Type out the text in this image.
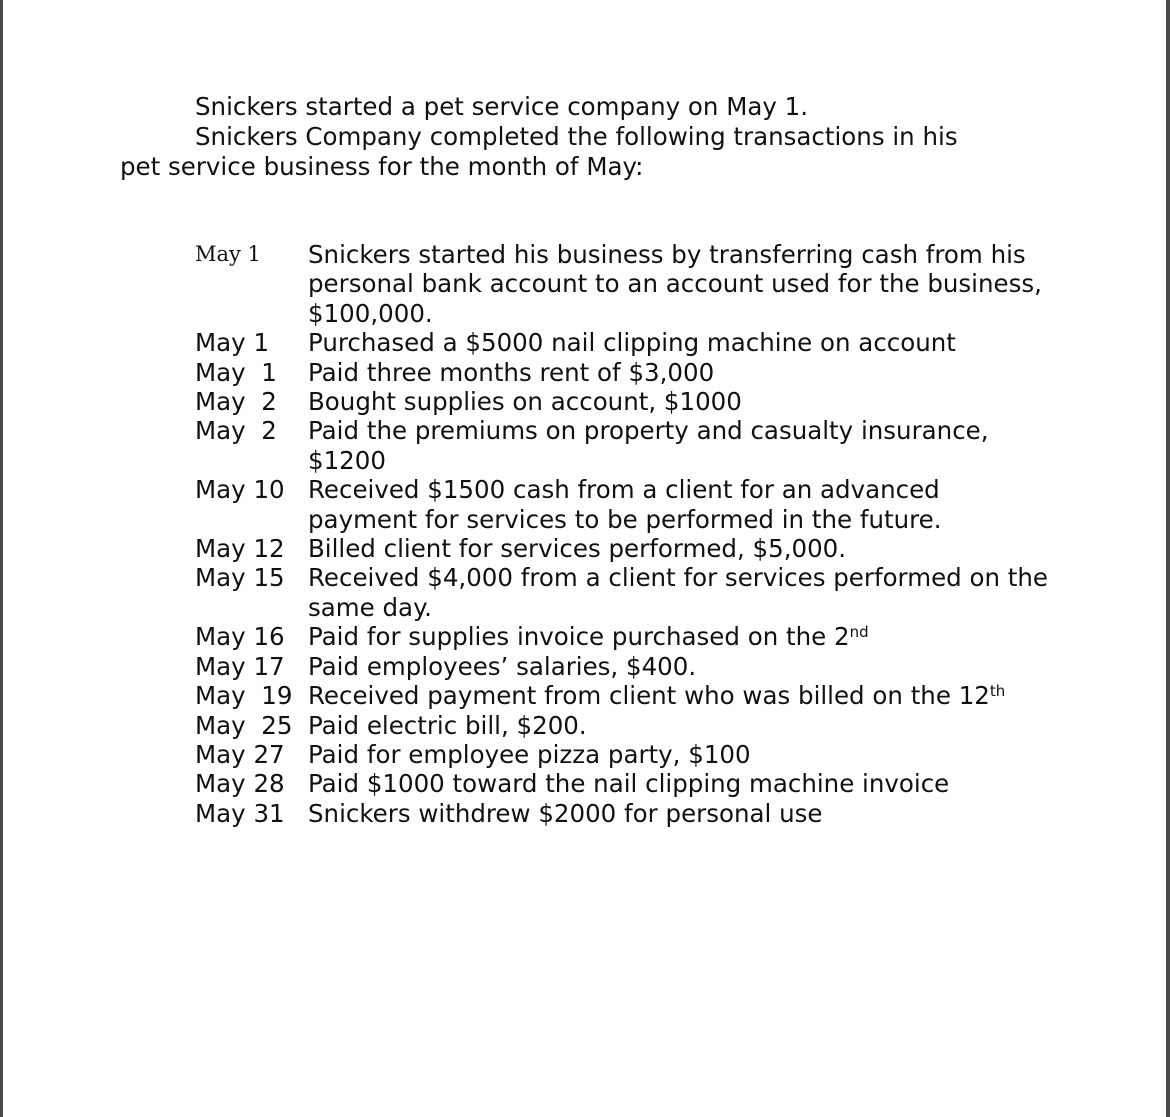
Snickers started a pet service company on May 1.
Snickers Company completed the following transactions in his
pet service business for the month of May:
May 1	Snickers started his business by transferring cash from his personal bank account to an account used for the business, $100,000.
May 1	Purchased a $5000 nail clipping machine on account
May  1	Paid three months rent of $3,000
May  2	Bought supplies on account, $1000
May  2	Paid the premiums on property and casualty insurance, $1200
May 10 Received $1500 cash from a client for an advanced payment for services to be performed in the future.
May 12 Billed client for services performed, $5,000.
May 15 Received $4,000 from a client for services performed on the same day.
May 16 Paid for supplies invoice purchased on the 2nd
May 17 Paid employees’ salaries, $400.
May  19 Received payment from client who was billed on the 12th
May  25 Paid electric bill, $200.
May 27 Paid for employee pizza party, $100
May 28 Paid $1000 toward the nail clipping machine invoice
May 31 Snickers withdrew $2000 for personal use
